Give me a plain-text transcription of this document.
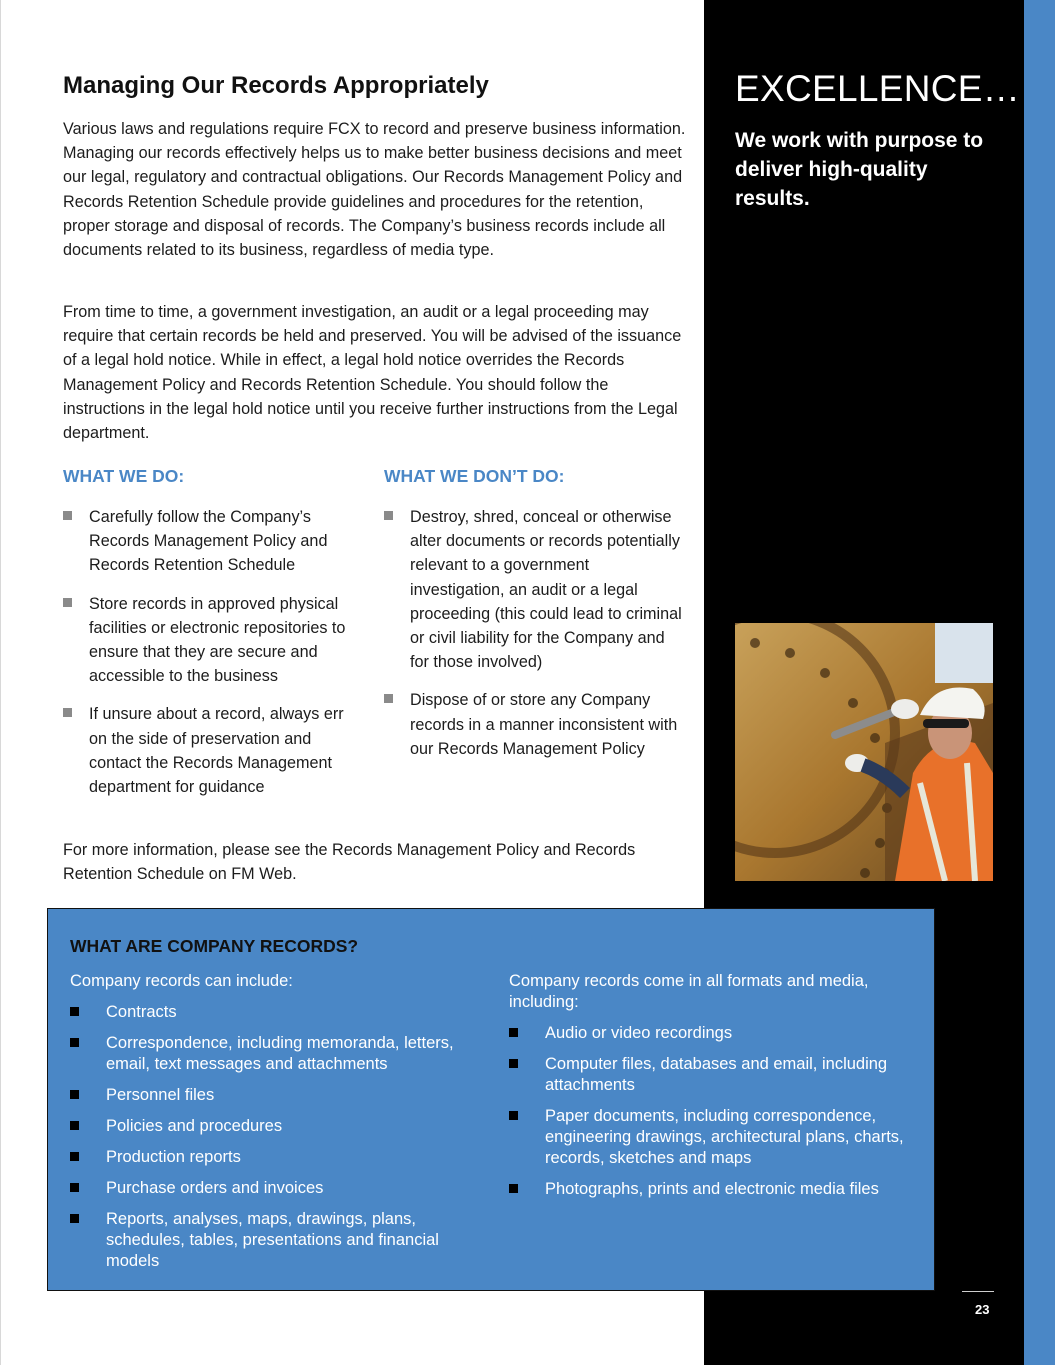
EXCELLENCE…

We work with purpose to deliver high-quality results.

Managing Our Records Appropriately

Various laws and regulations require FCX to record and preserve business information. Managing our records effectively helps us to make better business decisions and meet our legal, regulatory and contractual obligations. Our Records Management Policy and Records Retention Schedule provide guidelines and procedures for the retention, proper storage and disposal of records. The Company’s business records include all documents related to its business, regardless of media type.

From time to time, a government investigation, an audit or a legal proceeding may require that certain records be held and preserved. You will be advised of the issuance of a legal hold notice. While in effect, a legal hold notice overrides the Records Management Policy and Records Retention Schedule. You should follow the instructions in the legal hold notice until you receive further instructions from the Legal department.

WHAT WE DO:	WHAT WE DON’T DO:
Carefully follow the Company’s Records Management Policy and Records Retention Schedule
Store records in approved physical facilities or electronic repositories to ensure that they are secure and accessible to the business
If unsure about a record, always err on the side of preservation and contact the Records Management department for guidance
Destroy, shred, conceal or otherwise alter documents or records potentially relevant to a government investigation, an audit or a legal proceeding (this could lead to criminal or civil liability for the Company and for those involved)
Dispose of or store any Company records in a manner inconsistent with our Records Management Policy

For more information, please see the Records Management Policy and Records Retention Schedule on FM Web.

WHAT ARE COMPANY RECORDS?

Company records can include:	Company records come in all formats and media, including:

Contracts
Correspondence, including memoranda, letters, email, text messages and attachments
Personnel files
Policies and procedures
Production reports
Purchase orders and invoices
Reports, analyses, maps, drawings, plans, schedules, tables, presentations and financial models
Audio or video recordings
Computer files, databases and email, including attachments
Paper documents, including correspondence, engineering drawings, architectural plans, charts, records, sketches and maps
Photographs, prints and electronic media files

23
